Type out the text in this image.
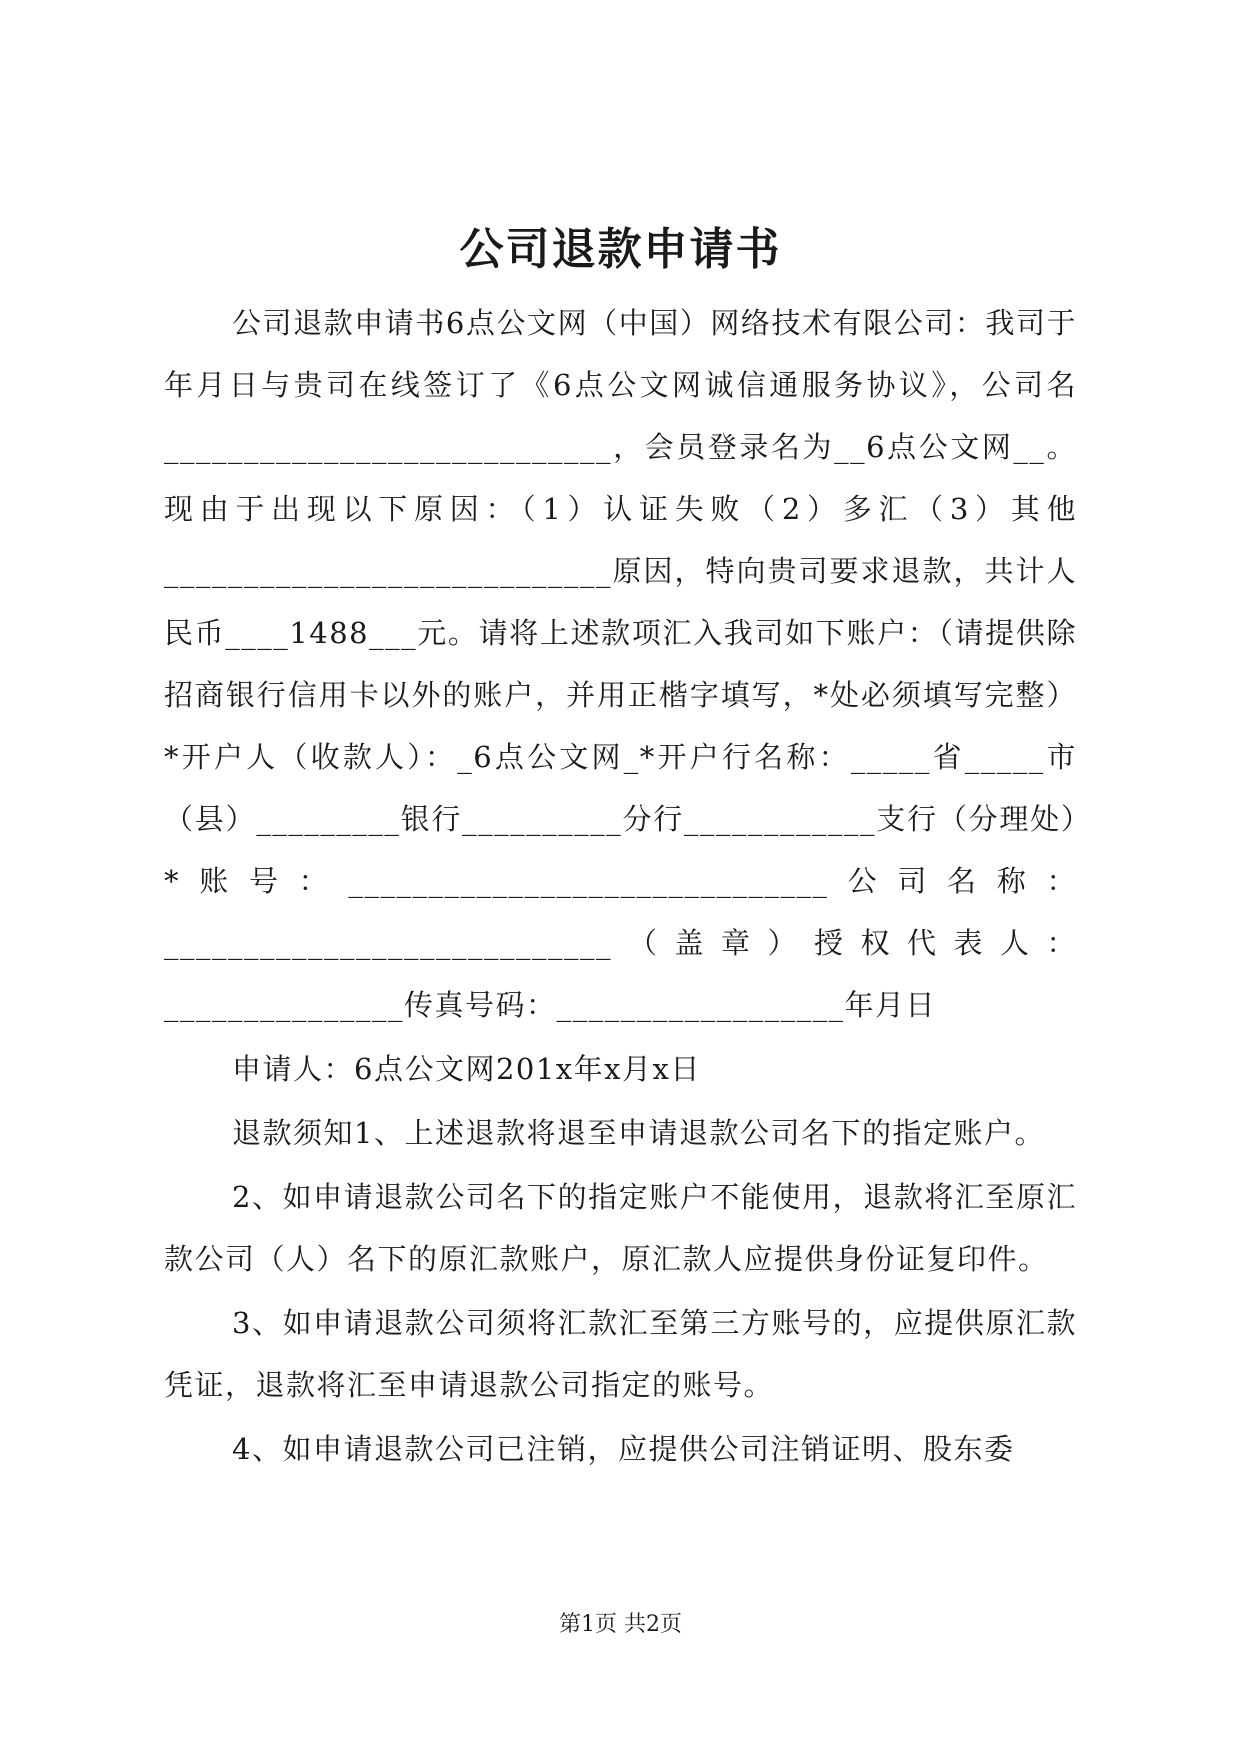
公司退款申请书

公司退款申请书6点公文网（中国）网络技术有限公司：我司于年月日与贵司在线签订了《6点公文网诚信通服务协议》，公司名____________________________，会员登录名为__6点公文网__。现由于出现以下原因：（1）认证失败（2）多汇（3）其他____________________________原因，特向贵司要求退款，共计人民币____1488___元。请将上述款项汇入我司如下账户：（请提供除招商银行信用卡以外的账户，并用正楷字填写，*处必须填写完整）*开户人（收款人）：_6点公文网_*开户行名称：_____省_____市（县）_________银行__________分行____________支行（分理处）*账号：______________________________公司名称：____________________________（盖章）授权代表人：_______________传真号码：__________________年月日

申请人：6点公文网201x年x月x日

退款须知1、上述退款将退至申请退款公司名下的指定账户。

2、如申请退款公司名下的指定账户不能使用，退款将汇至原汇款公司（人）名下的原汇款账户，原汇款人应提供身份证复印件。

3、如申请退款公司须将汇款汇至第三方账号的，应提供原汇款凭证，退款将汇至申请退款公司指定的账号。

4、如申请退款公司已注销，应提供公司注销证明、股东委

第1页 共2页
